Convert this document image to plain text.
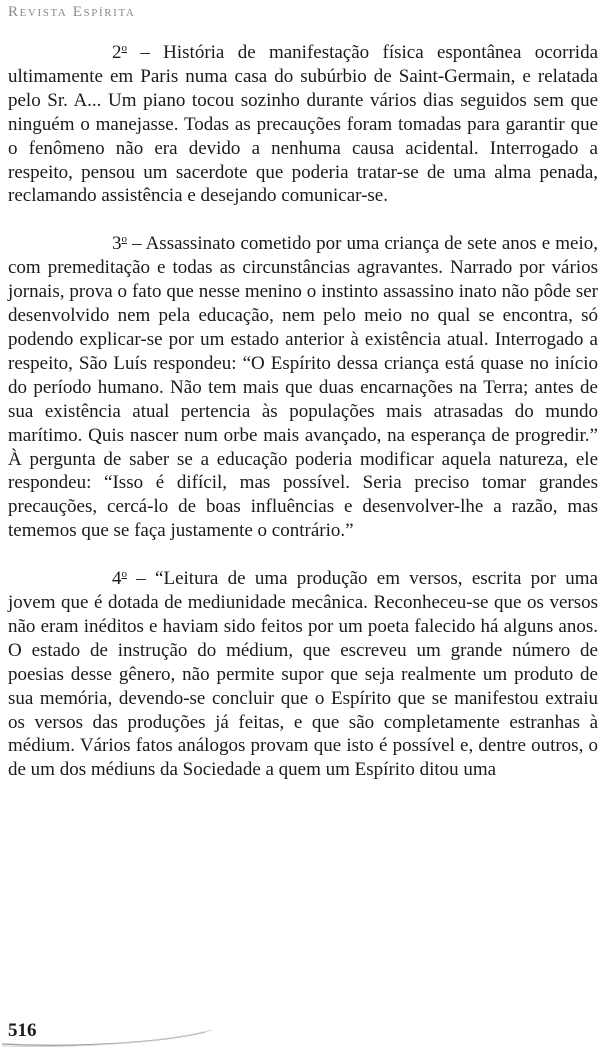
Revista Espírita

2$^o$ – História de manifestação física espontânea ocorrida ultimamente em Paris numa casa do subúrbio de Saint-Germain, e relatada pelo Sr. A... Um piano tocou sozinho durante vários dias seguidos sem que ninguém o manejasse. Todas as precauções foram tomadas para garantir que o fenômeno não era devido a nenhuma causa acidental. Interrogado a respeito, pensou um sacerdote que poderia tratar-se de uma alma penada, reclamando assistência e desejando comunicar-se.

3$^o$ – Assassinato cometido por uma criança de sete anos e meio, com premeditação e todas as circunstâncias agravantes. Narrado por vários jornais, prova o fato que nesse menino o instinto assassino inato não pôde ser desenvolvido nem pela educação, nem pelo meio no qual se encontra, só podendo explicar-se por um estado anterior à existência atual. Interrogado a respeito, São Luís respondeu: “O Espírito dessa criança está quase no início do período humano. Não tem mais que duas encarnações na Terra; antes de sua existência atual pertencia às populações mais atrasadas do mundo marítimo. Quis nascer num orbe mais avançado, na esperança de progredir.” À pergunta de saber se a educação poderia modificar aquela natureza, ele respondeu: “Isso é difícil, mas possível. Seria preciso tomar grandes precauções, cercá-lo de boas influências e desenvolver-lhe a razão, mas tememos que se faça justamente o contrário.”

4$^o$ – “Leitura de uma produção em versos, escrita por uma jovem que é dotada de mediunidade mecânica. Reconheceu-se que os versos não eram inéditos e haviam sido feitos por um poeta falecido há alguns anos. O estado de instrução do médium, que escreveu um grande número de poesias desse gênero, não permite supor que seja realmente um produto de sua memória, devendo-se concluir que o Espírito que se manifestou extraiu os versos das produções já feitas, e que são completamente estranhas à médium. Vários fatos análogos provam que isto é possível e, dentre outros, o de um dos médiuns da Sociedade a quem um Espírito ditou uma

516
